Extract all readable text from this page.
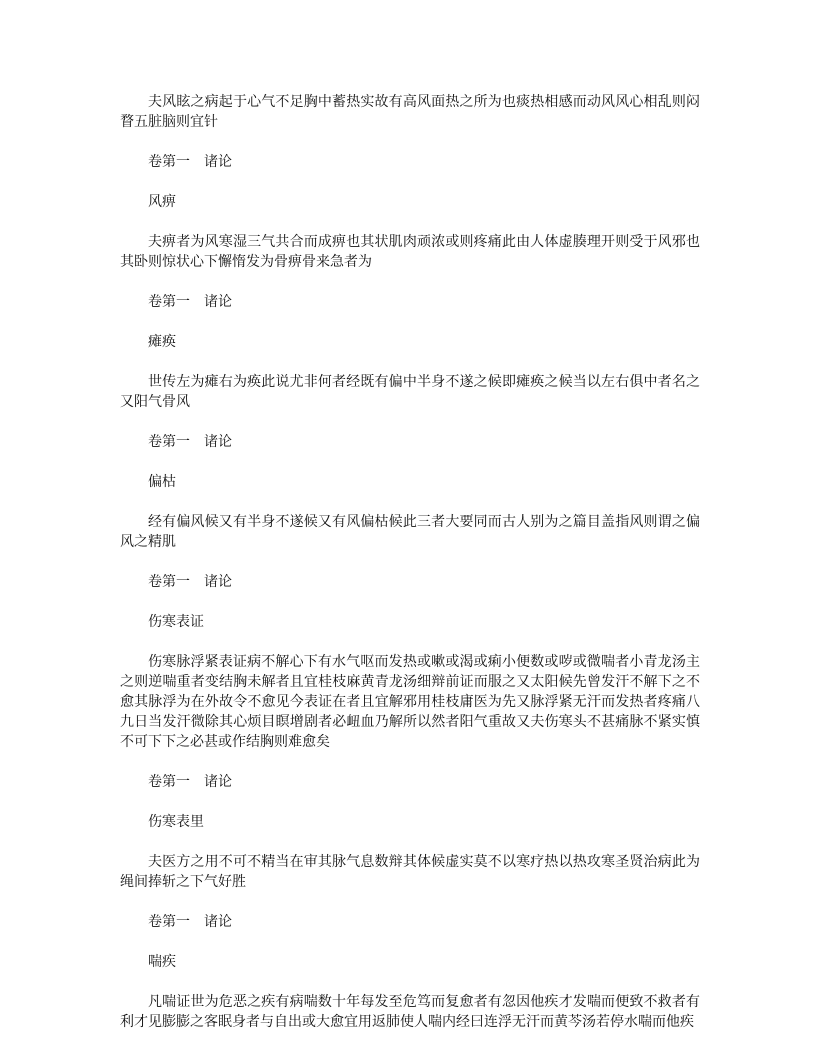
夫风眩之病起于心气不足胸中蓄热实故有高风面热之所为也痰热相感而动风风心相乱则闷瞀五脏脑则宜针

卷第一　诸论

风痹

夫痹者为风寒湿三气共合而成痹也其状肌肉顽浓或则疼痛此由人体虚腠理开则受于风邪也其卧则惊状心下懈惰发为骨痹骨来急者为

卷第一　诸论

瘫痪

世传左为瘫右为痪此说尤非何者经既有偏中半身不遂之候即瘫痪之候当以左右俱中者名之又阳气骨风

卷第一　诸论

偏枯

经有偏风候又有半身不遂候又有风偏枯候此三者大要同而古人别为之篇目盖指风则谓之偏风之精肌

卷第一　诸论

伤寒表证

伤寒脉浮紧表证病不解心下有水气呕而发热或嗽或渴或痢小便数或哕或微喘者小青龙汤主之则逆喘重者变结胸未解者且宜桂枝麻黄青龙汤细辩前证而服之又太阳候先曾发汗不解下之不愈其脉浮为在外故令不愈见今表证在者且宜解邪用桂枝庸医为先又脉浮紧无汗而发热者疼痛八九日当发汗微除其心烦目瞑增剧者必衄血乃解所以然者阳气重故又夫伤寒头不甚痛脉不紧实慎不可下下之必甚或作结胸则难愈矣

卷第一　诸论

伤寒表里

夫医方之用不可不精当在审其脉气息数辩其体候虚实莫不以寒疗热以热攻寒圣贤治病此为绳间捧斩之下气好胜

卷第一　诸论

喘疾

凡喘证世为危恶之疾有病喘数十年每发至危笃而复愈者有忽因他疾才发喘而便致不救者有利才见膨膨之客眠身者与自出或大愈宜用返肺使人喘内经曰连浮无汗而黄芩汤若停水喘而他疾
